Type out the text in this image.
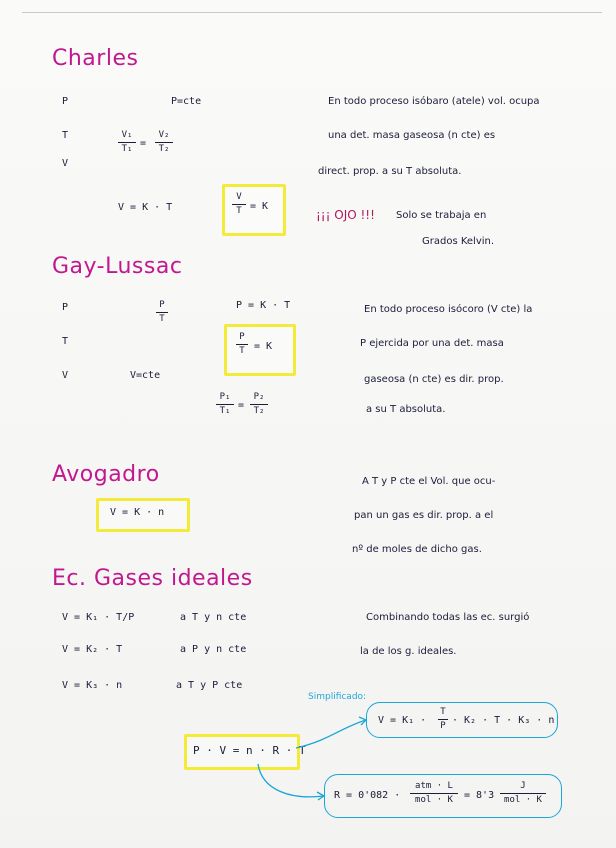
Charles
P
T
V
P=cte
V₁
T₁ =
V₂
T₂
V = K · T
V
T = K
En todo proceso isóbaro (atele) vol. ocupa
una det. masa gaseosa (n cte) es
direct. prop. a su T absoluta.
¡¡¡ OJO !!! Solo se trabaja en
Grados Kelvin.
Gay-Lussac
P
T
V
P
T
P = K · T
P
T = K
V=cte
P₁
T₁ =
P₂
T₂
En todo proceso isócoro (V cte) la
P ejercida por una det. masa
gaseosa (n cte) es dir. prop.
a su T absoluta.
Avogadro
V = K · n
A T y P cte el Vol. que ocu-
pan un gas es dir. prop. a el
nº de moles de dicho gas.
Ec. Gases ideales
V = K₁ · T/P	a T y n cte
V = K₂ · T	a P y n cte
V = K₃ · n	a T y P cte
Combinando todas las ec. surgió
la de los g. ideales.
Simplificado:
V = K₁ ·
T
P · K₂ · T · K₃ · n
P · V = n · R · T
R = 0'082 ·
atm · L
mol · K	= 8'3
J
mol · K
